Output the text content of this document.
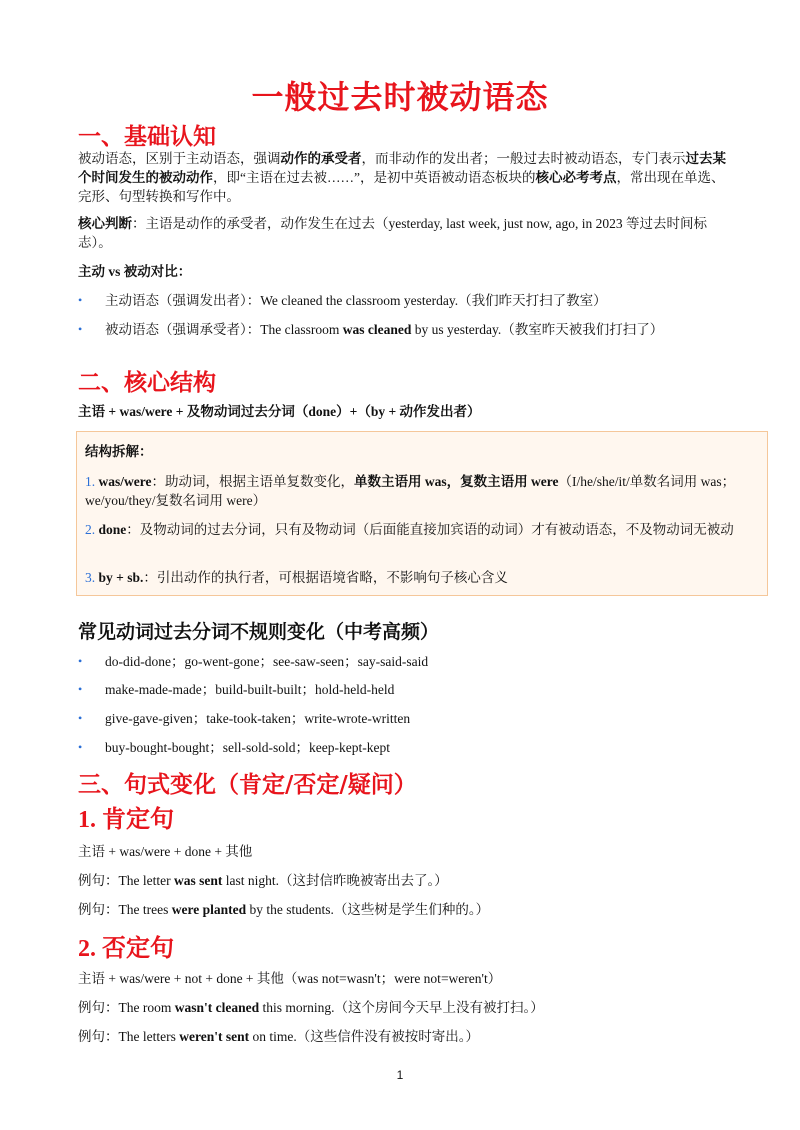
一般过去时被动语态
一、基础认知
被动语态，区别于主动语态，强调动作的承受者，而非动作的发出者；一般过去时被动语态，专门表示过去某个时间发生的被动动作，即“主语在过去被……”，是初中英语被动语态板块的核心必考考点，常出现在单选、完形、句型转换和写作中。
核心判断：主语是动作的承受者，动作发生在过去（yesterday, last week, just now, ago, in 2023 等过去时间标志）。
主动 vs 被动对比：
• 主动语态（强调发出者）：We cleaned the classroom yesterday.（我们昨天打扫了教室）
• 被动语态（强调承受者）：The classroom was cleaned by us yesterday.（教室昨天被我们打扫了）
二、核心结构
主语 + was/were + 及物动词过去分词（done）+（by + 动作发出者）
结构拆解：
1. was/were：助动词，根据主语单复数变化，单数主语用 was，复数主语用 were（I/he/she/it/单数名词用 was；we/you/they/复数名词用 were）
2. done：及物动词的过去分词，只有及物动词（后面能直接加宾语的动词）才有被动语态，不及物动词无被动
3. by + sb.：引出动作的执行者，可根据语境省略，不影响句子核心含义
常见动词过去分词不规则变化（中考高频）
• do-did-done；go-went-gone；see-saw-seen；say-said-said
• make-made-made；build-built-built；hold-held-held
• give-gave-given；take-took-taken；write-wrote-written
• buy-bought-bought；sell-sold-sold；keep-kept-kept
三、句式变化（肯定/否定/疑问）
1. 肯定句
主语 + was/were + done + 其他
例句：The letter was sent last night.（这封信昨晚被寄出去了。）
例句：The trees were planted by the students.（这些树是学生们种的。）
2. 否定句
主语 + was/were + not + done + 其他（was not=wasn't；were not=weren't）
例句：The room wasn't cleaned this morning.（这个房间今天早上没有被打扫。）
例句：The letters weren't sent on time.（这些信件没有被按时寄出。）
1
